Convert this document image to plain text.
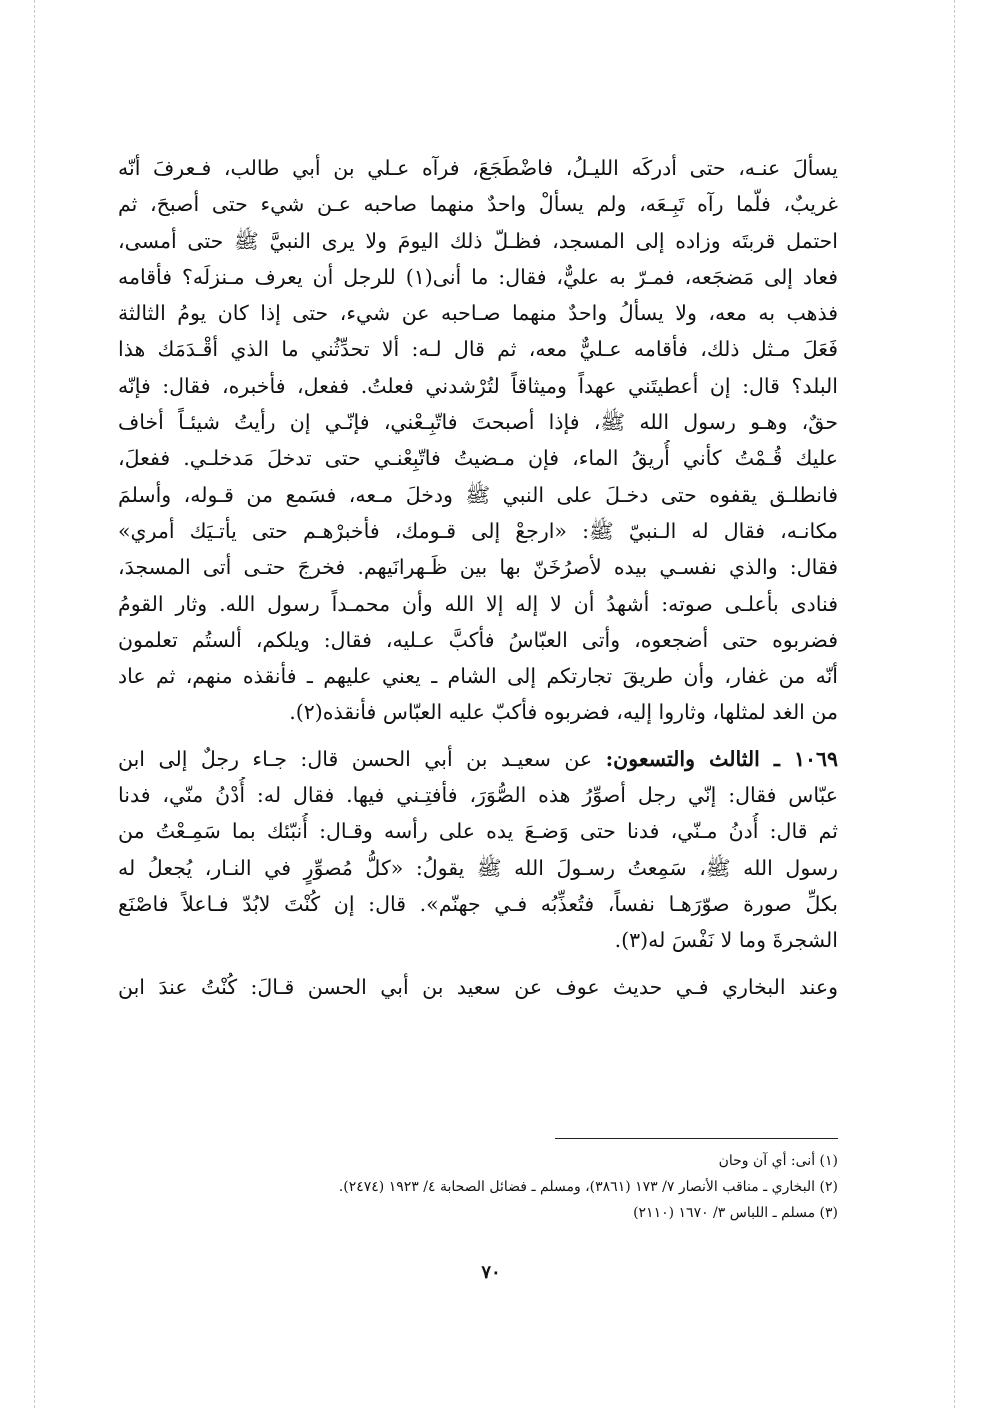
يسألَ عنـه، حتى أدركَه الليـلُ، فاضْطَجَعَ، فرآه عـلي بن أبي طالب، فـعرفَ أنّه
غريبٌ، فلّما رآه تَبِـعَه، ولم يسألْ واحدٌ منهما صاحبه عـن شيء حتى أصبحَ، ثم
احتمل قربتَه وزاده إلى المسجد، فظـلّ ذلك اليومَ ولا يرى النبيَّ ﷺ حتى أمسى،
فعاد إلى مَضجَعه، فمـرّ به عليٌّ، فقال: ما أنى(١) للرجل أن يعرف مـنزلَه؟ فأقامه
فذهب به معه، ولا يسألُ واحدٌ منهما صـاحبه عن شيء، حتى إذا كان يومُ الثالثة
فَعَلَ مـثل ذلك، فأقامه عـليٌّ معه، ثم قال لـه: ألا تحدِّثُني ما الذي أقْـدَمَك هذا
البلد؟ قال: إن أعطيتَني عهداً وميثاقاً لتُرْشدني فعلتُ. ففعل، فأخبره، فقال: فإنّه
حقٌ، وهـو رسول الله ﷺ، فإذا أصبحتَ فاتّبِـعْني، فإنّـي إن رأيتُ شيئـاً أخاف
عليك قُـمْتُ كأني أُريقُ الماء، فإن مـضيتُ فاتّبِعْنـي حتى تدخلَ مَدخلـي. ففعلَ،
فانطلـق يقفوه حتى دخـلَ على النبي ﷺ ودخلَ مـعه، فسَمع من قـوله، وأسلمَ
مكانـه، فقال له الـنبيّ ﷺ: «ارجعْ إلى قـومك، فأخبرْهـم حتى يأتـيَك أمري»
فقال: والذي نفسـي بيده لأصرُخَنّ بها بين ظَـهرانَيهم. فخرجَ حتـى أتى المسجدَ،
فنادى بأعلـى صوته: أشهدُ أن لا إله إلا الله وأن محمـداً رسول الله. وثار القومُ
فضربوه حتى أضجعوه، وأتى العبّاسُ فأكبَّ عـليه، فقال: ويلكم، ألستُم تعلمون
أنّه من غفار، وأن طريقَ تجارتكم إلى الشام ـ يعني عليهم ـ فأنقذه منهم، ثم عاد
من الغد لمثلها، وثاروا إليه، فضربوه فأكبّ عليه العبّاس فأنقذه(٢).
١٠٦٩ ـ الثالث والتسعون: عن سعيـد بن أبي الحسن قال: جـاء رجلٌ إلى ابن
عبّاس فقال: إنّي رجل أصوِّرُ هذه الصُّوَرَ، فأفتِـني فيها. فقال له: أُدْنُ منّي، فدنا
ثم قال: أُدنُ مـنّي، فدنا حتى وَضـعَ يده على رأسه وقـال: أُنبّئك بما سَمِـعْتُ من
رسول الله ﷺ، سَمِعتُ رسـولَ الله ﷺ يقولُ: «كلُّ مُصوِّرٍ في النـار، يُجعلُ له
بكلِّ صورة صوّرَهـا نفساً، فتُعذِّبُه فـي جهنّم». قال: إن كُنْتَ لابُدّ فـاعلاً فاصْنَع
الشجرةَ وما لا نَفْسَ له(٣).
وعند البخاري فـي حديث عوف عن سعيد بن أبي الحسن قـالَ: كُنْتُ عندَ ابن
(١) أنى: أي آن وحان
(٢) البخاري ـ مناقب الأنصار ٧/ ١٧٣ (٣٨٦١)، ومسلم ـ فضائل الصحابة ٤/ ١٩٢٣ (٢٤٧٤).
(٣) مسلم ـ اللباس ٣/ ١٦٧٠ (٢١١٠)
٧٠
